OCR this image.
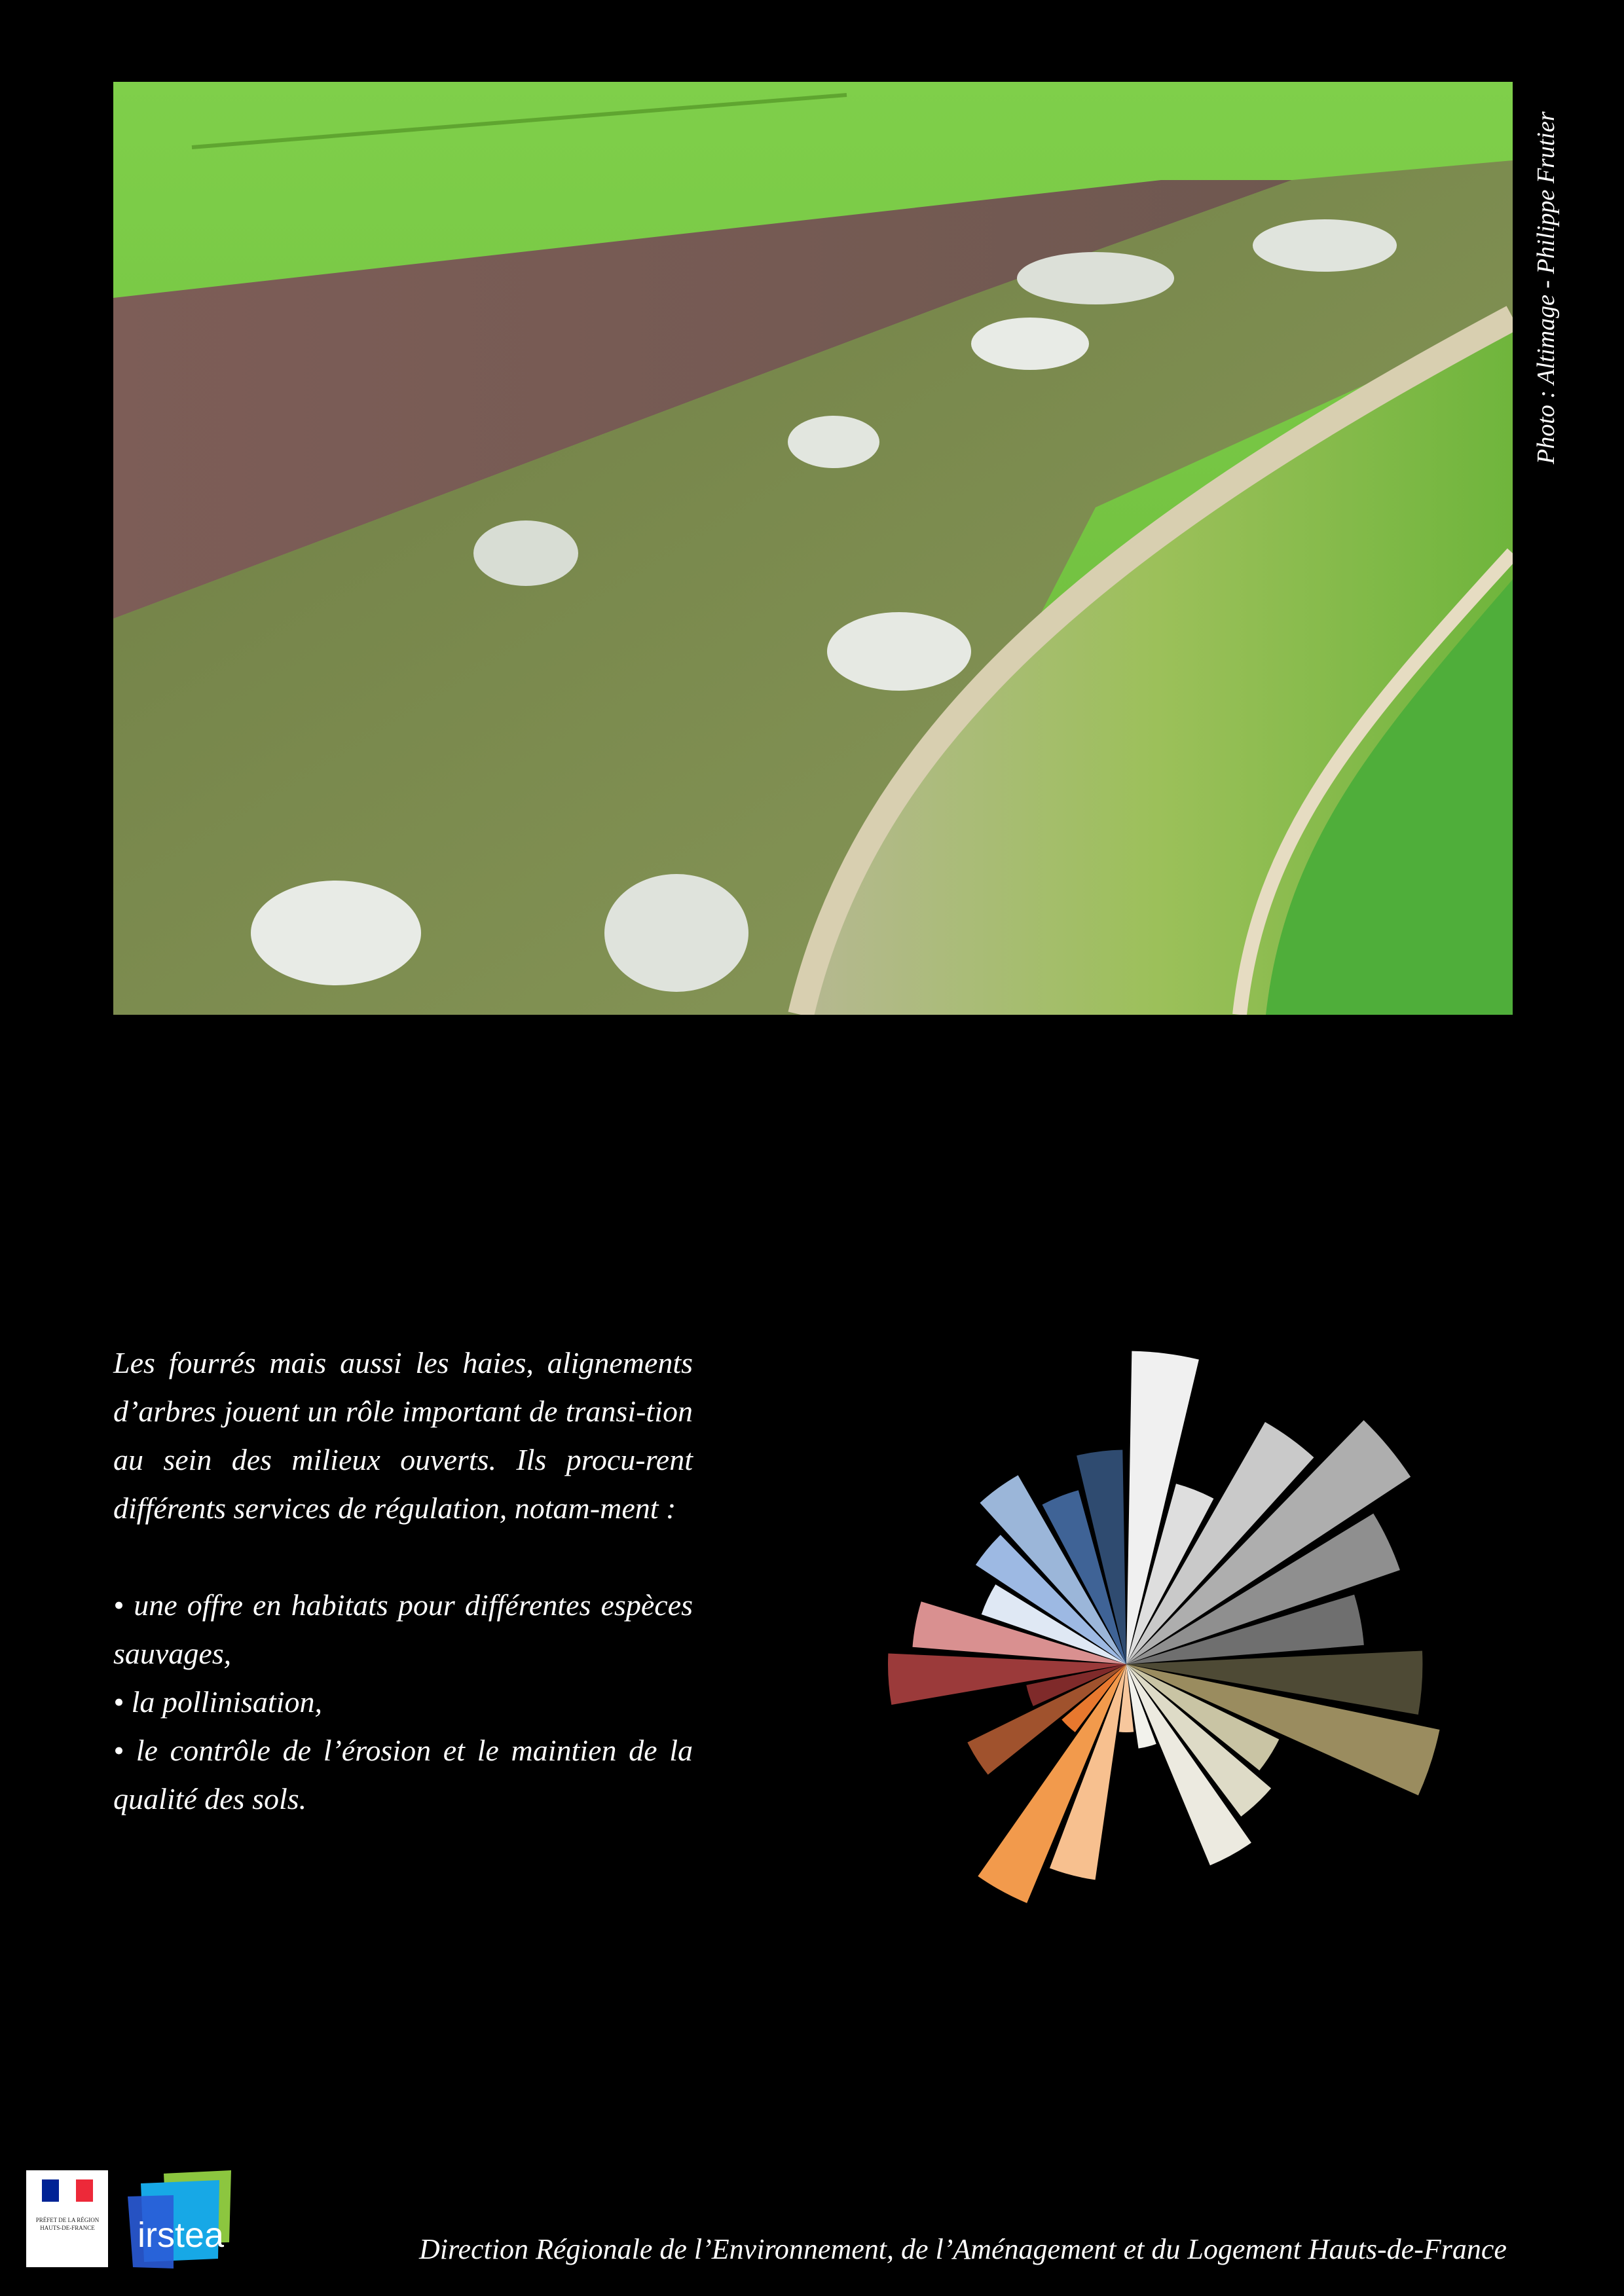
Photo : Altimage - Philippe Frutier

Les fourrés mais aussi les haies, alignements d’arbres jouent un rôle important de transi-tion au sein des milieux ouverts. Ils procu-rent différents services de régulation, notam-ment :

• une offre en habitats pour différentes espèces sauvages,
• la pollinisation,
• le contrôle de l’érosion et le maintien de la qualité des sols.
PRÉFET DE LA RÉGION HAUTS-DE-FRANCE irstea	Direction Régionale de l’Environnement, de l’Aménagement et du Logement Hauts-de-France
